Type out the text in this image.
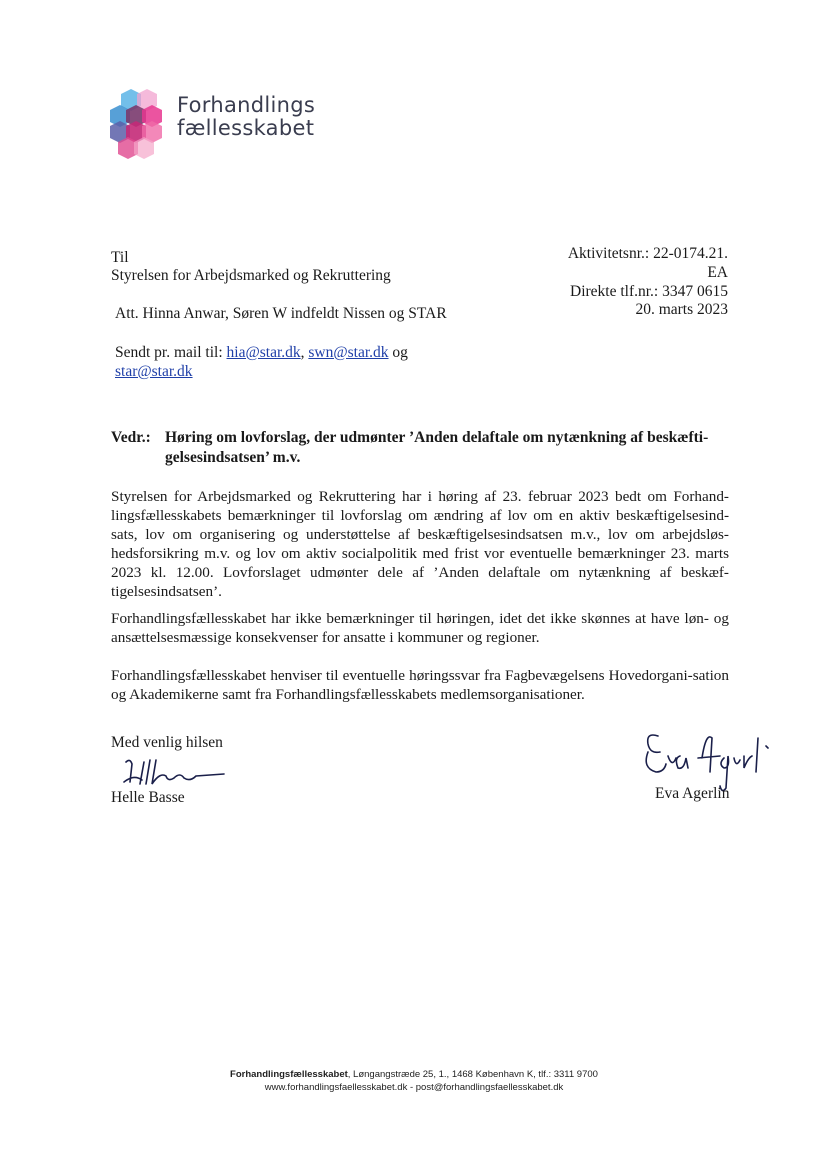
Forhandlings
fællesskabet
Til
Styrelsen for Arbejdsmarked og Rekruttering
Att. Hinna Anwar, Søren W indfeldt Nissen og STAR
Sendt pr. mail til: hia@star.dk, swn@star.dk og
star@star.dk
Aktivitetsnr.: 22-0174.21.
EA
Direkte tlf.nr.: 3347 0615
20. marts 2023
Vedr.: Høring om lovforslag, der udmønter ’Anden delaftale om nytænkning af beskæfti-gelsesindsatsen’ m.v.
Styrelsen for Arbejdsmarked og Rekruttering har i høring af 23. februar 2023 bedt om Forhand-lingsfællesskabets bemærkninger til lovforslag om ændring af lov om en aktiv beskæftigelsesind-sats, lov om organisering og understøttelse af beskæftigelsesindsatsen m.v., lov om arbejdsløs-hedsforsikring m.v. og lov om aktiv socialpolitik med frist vor eventuelle bemærkninger 23. marts 2023 kl. 12.00. Lovforslaget udmønter dele af ’Anden delaftale om nytænkning af beskæf-tigelsesindsatsen’.
Forhandlingsfællesskabet har ikke bemærkninger til høringen, idet det ikke skønnes at have løn- og ansættelsesmæssige konsekvenser for ansatte i kommuner og regioner.
Forhandlingsfællesskabet henviser til eventuelle høringssvar fra Fagbevægelsens Hovedorgani-sation og Akademikerne samt fra Forhandlingsfællesskabets medlemsorganisationer.
Med venlig hilsen
Helle Basse	Eva Agerlin
Forhandlingsfællesskabet, Løngangstræde 25, 1., 1468 København K, tlf.: 3311 9700
www.forhandlingsfaellesskabet.dk - post@forhandlingsfaellesskabet.dk
